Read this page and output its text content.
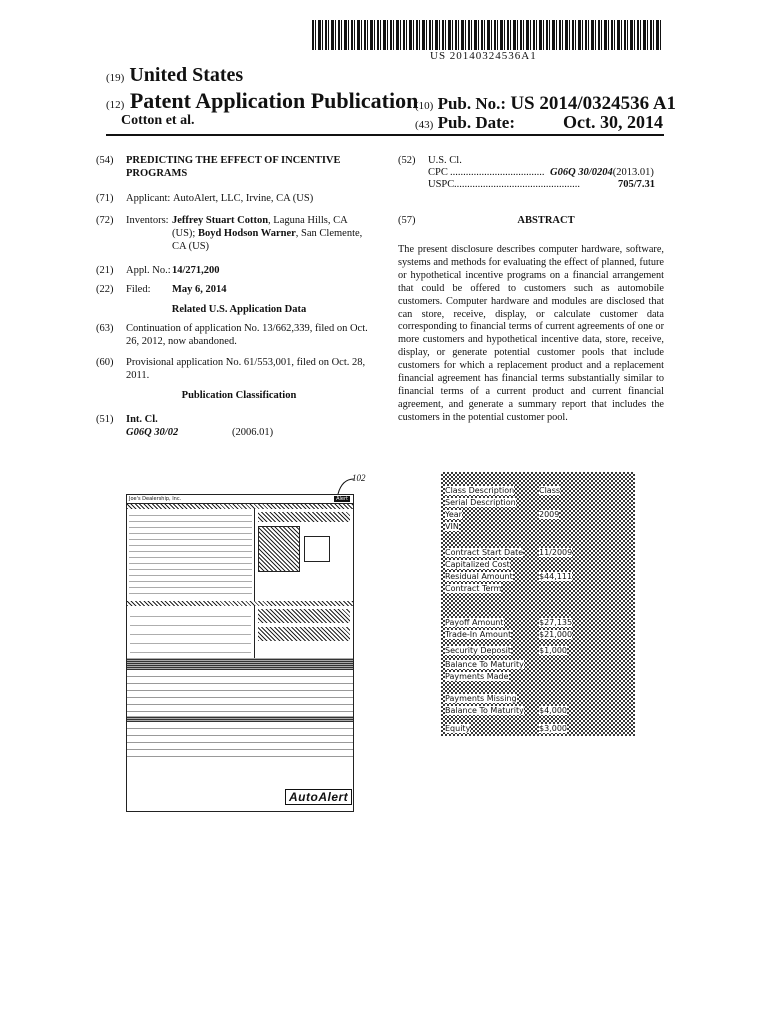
US 20140324536A1
(19) United States
(12) Patent Application Publication
Cotton et al.
(10) Pub. No.: US 2014/0324536 A1
(43) Pub. Date:	Oct. 30, 2014
(54)	PREDICTING THE EFFECT OF INCENTIVE PROGRAMS
(71)	Applicant:
AutoAlert, LLC, Irvine, CA (US)
(72)	Inventors: Jeffrey Stuart Cotton, Laguna Hills, CA (US); Boyd Hodson Warner, San Clemente, CA (US)
(21)	Appl. No.: 14/271,200
(22)	Filed:	May 6, 2014
Related U.S. Application Data
(63)	Continuation of application No. 13/662,339, filed on Oct. 26, 2012, now abandoned.
(60)	Provisional application No. 61/553,001, filed on Oct. 28, 2011.
Publication Classification
(51)	Int. Cl.
G06Q 30/02	(2006.01)
(52)	U.S. Cl.
CPC .................................... G06Q 30/0204 (2013.01)
USPC ................................................	705/7.31
(57)	ABSTRACT
The present disclosure describes computer hardware, software, systems and methods for evaluating the effect of planned, future or hypothetical incentive programs on a financial arrangement that could be offered to customers such as automobile customers. Computer hardware and modules are disclosed that can store, receive, display, or calculate customer data corresponding to financial terms of current agreements of one or more customers and hypothetical incentive data, store, receive, display, or generate potential customer pools that include customers for which a replacement product and a replacement financial agreement has financial terms substantially similar to financial terms of a current product and current financial agreement, and generate a summary report that includes the customers in the potential customer pool.
102
Joe's Dealership, Inc.	Alert
AutoAlert
Class Description	Class
Serial Description
Year	2009
VIN
Contract Start Date 11/2009
Capitalized Cost
Residual Amount	$44,111
Contract Term
Payoff Amount	$27,135
Trade-In Amount	$21,000
Security Deposit	$1,000
Balance To Maturity
Payments Made
Payments Missing
Balance To Maturity $4,000
Equity	$3,000
